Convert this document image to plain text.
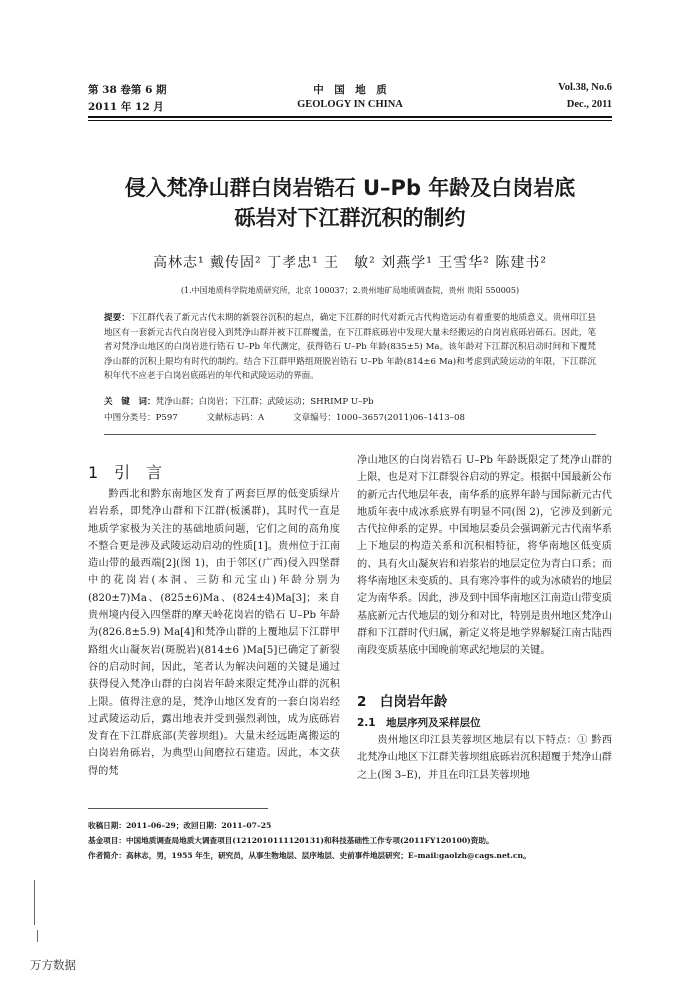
第 38 卷第 6 期
2011 年 12 月
中　国　地　质
GEOLOGY IN CHINA
Vol.38, No.6
Dec., 2011
侵入梵净山群白岗岩锆石 U–Pb 年龄及白岗岩底
砾岩对下江群沉积的制约
高林志¹ 戴传固² 丁孝忠¹ 王　敏² 刘燕学¹ 王雪华² 陈建书²
(1.中国地质科学院地质研究所，北京 100037；2.贵州地矿局地质调查院，贵州 贵阳 550005)
提要：下江群代表了新元古代末期的新裂谷沉积的起点，确定下江群的时代对新元古代构造运动有着重要的地质意义。贵州印江县地区有一套新元古代白岗岩侵入到梵净山群并被下江群覆盖，在下江群底砾岩中发现大量未经搬运的白岗岩底砾岩砾石。因此，笔者对梵净山地区的白岗岩进行锆石 U–Pb 年代测定，获得锆石 U–Pb 年龄(835±5) Ma。该年龄对下江群沉积启动时间和下覆梵净山群的沉积上限均有时代的制约。结合下江群甲路组斑脱岩锆石 U–Pb 年龄(814±6 Ma)和考虑到武陵运动的年限，下江群沉积年代不应老于白岗岩底砾岩的年代和武陵运动的界面。
关　键　词：梵净山群；白岗岩；下江群；武陵运动；SHRIMP U–Pb
中图分类号：P597	文献标志码：A	文章编号：1000–3657(2011)06–1413–08
1　引　言
黔西北和黔东南地区发育了两套巨厚的低变质绿片岩岩系，即梵净山群和下江群(板溪群)，其时代一直是地质学家极为关注的基础地质问题，它们之间的高角度不整合更是涉及武陵运动启动的性质[1]。贵州位于江南造山带的最西端[2](图 1)，由于邻区(广西)侵入四堡群中的花岗岩(本洞、三防和元宝山)年龄分别为 (820±7)Ma、(825±6)Ma、(824±4)Ma[3]；来自贵州境内侵入四堡群的摩天岭花岗岩的锆石 U–Pb 年龄为(826.8±5.9) Ma[4]和梵净山群的上覆地层下江群甲路组火山凝灰岩(斑脱岩)(814±6 )Ma[5]已确定了新裂谷的启动时间，因此，笔者认为解决问题的关键是通过获得侵入梵净山群的白岗岩年龄来限定梵净山群的沉积上限。值得注意的是，梵净山地区发育的一套白岗岩经过武陵运动后，露出地表并受到强烈剥蚀，成为底砾岩发育在下江群底部(芙蓉坝组)。大量未经远距离搬运的白岗岩角砾岩，为典型山间磨拉石建造。因此，本文获得的梵
净山地区的白岗岩锆石 U–Pb 年龄既限定了梵净山群的上限，也是对下江群裂谷启动的界定。根据中国最新公布的新元古代地层年表，南华系的底界年龄与国际新元古代地质年表中成冰系底界有明显不同(图 2)，它涉及到新元古代拉伸系的定界。中国地层委员会强调新元古代南华系上下地层的构造关系和沉积相特征，将华南地区低变质的、具有火山凝灰岩和岩浆岩的地层定位为青白口系；而将华南地区未变质的、具有寒冷事件的或为冰碛岩的地层定为南华系。因此，涉及到中国华南地区江南造山带变质基底新元古代地层的划分和对比，特别是贵州地区梵净山群和下江群时代归属，新定义将是地学界解疑江南古陆西南段变质基底中国晚前寒武纪地层的关键。
2　白岗岩年龄
2.1　地层序列及采样层位
贵州地区印江县芙蓉坝区地层有以下特点：① 黔西北梵净山地区下江群芙蓉坝组底砾岩沉积超覆于梵净山群之上(图 3–E)，并且在印江县芙蓉坝地
收稿日期：2011–06–29；改回日期：2011–07–25
基金项目：中国地质调查局地质大调查项目(1212010111120131)和科技基础性工作专项(2011FY120100)资助。
作者简介：高林志，男，1955 年生，研究员，从事生物地层、层序地层、史前事件地层研究；E–mail:gaolzh@cags.net.cn。
万方数据
